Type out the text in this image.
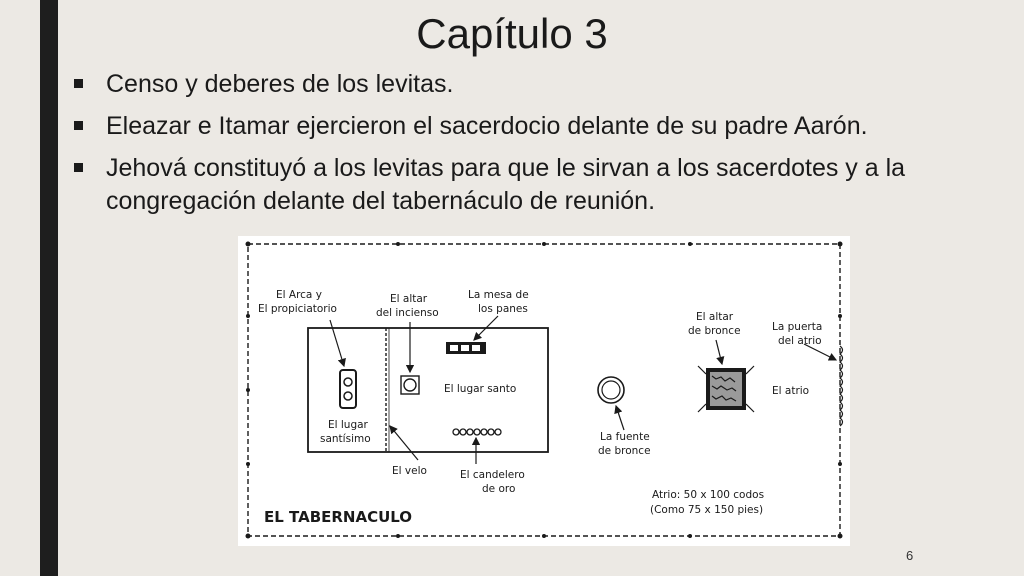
Capítulo 3
Censo y deberes de los levitas.
Eleazar e Itamar ejercieron el sacerdocio delante de su padre Aarón.
Jehová constituyó a los levitas para que le sirvan a los sacerdotes y a la congregación delante del tabernáculo de reunión.
El Arca y
El propiciatorio
El altar
del incienso
La mesa de
los panes
El altar
de bronce	La puerta
del atrio
El lugar santo	El atrio
El lugar
santísimo
El velo	El candelero
de oro
La fuente
de bronce
Atrio: 50 x 100 codos
(Como 75 x 150 pies)
EL TABERNACULO
6
